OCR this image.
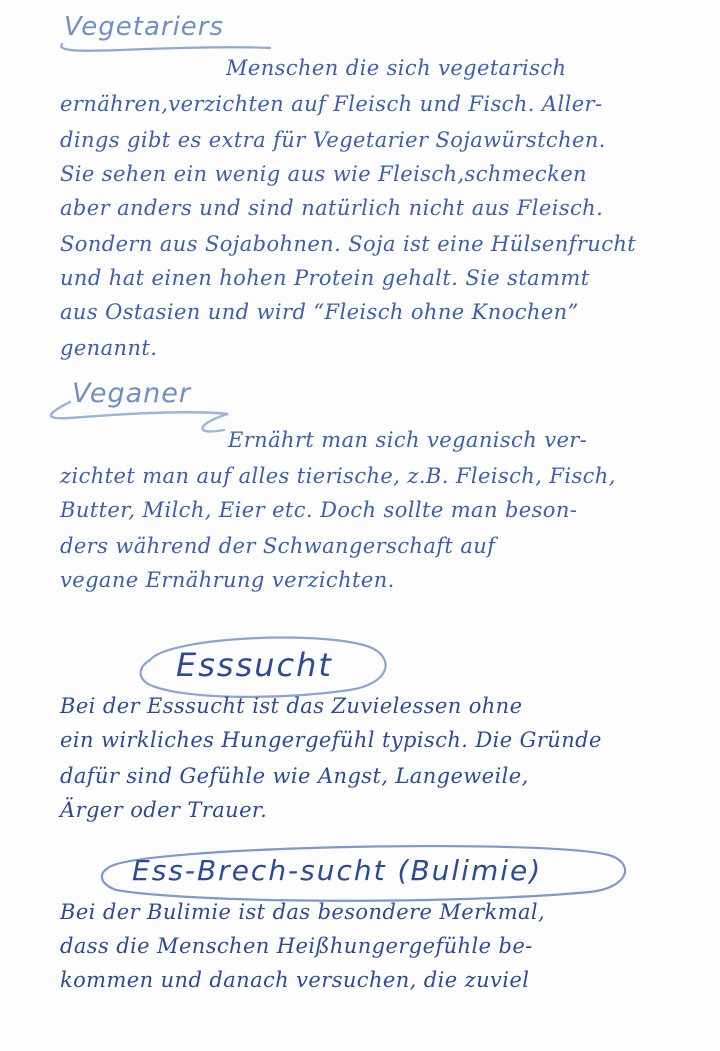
Vegetariers
Menschen die sich vegetarisch
ernähren,verzichten auf Fleisch und Fisch. Aller-
dings gibt es extra für Vegetarier Sojawürstchen.
Sie sehen ein wenig aus wie Fleisch,schmecken
aber anders und sind natürlich nicht aus Fleisch.
Sondern aus Sojabohnen. Soja ist eine Hülsenfrucht
und hat einen hohen Protein gehalt. Sie stammt
aus Ostasien und wird “Fleisch ohne Knochen”
genannt.
Veganer
Ernährt man sich veganisch ver-
zichtet man auf alles tierische, z.B. Fleisch, Fisch,
Butter, Milch, Eier etc. Doch sollte man beson-
ders während der Schwangerschaft auf
vegane Ernährung verzichten.
Esssucht
Bei der Esssucht ist das Zuvielessen ohne
ein wirkliches Hungergefühl typisch. Die Gründe
dafür sind Gefühle wie Angst, Langeweile,
Ärger oder Trauer.
Ess-Brech-sucht (Bulimie)
Bei der Bulimie ist das besondere Merkmal,
dass die Menschen Heißhungergefühle be-
kommen und danach versuchen, die zuviel
